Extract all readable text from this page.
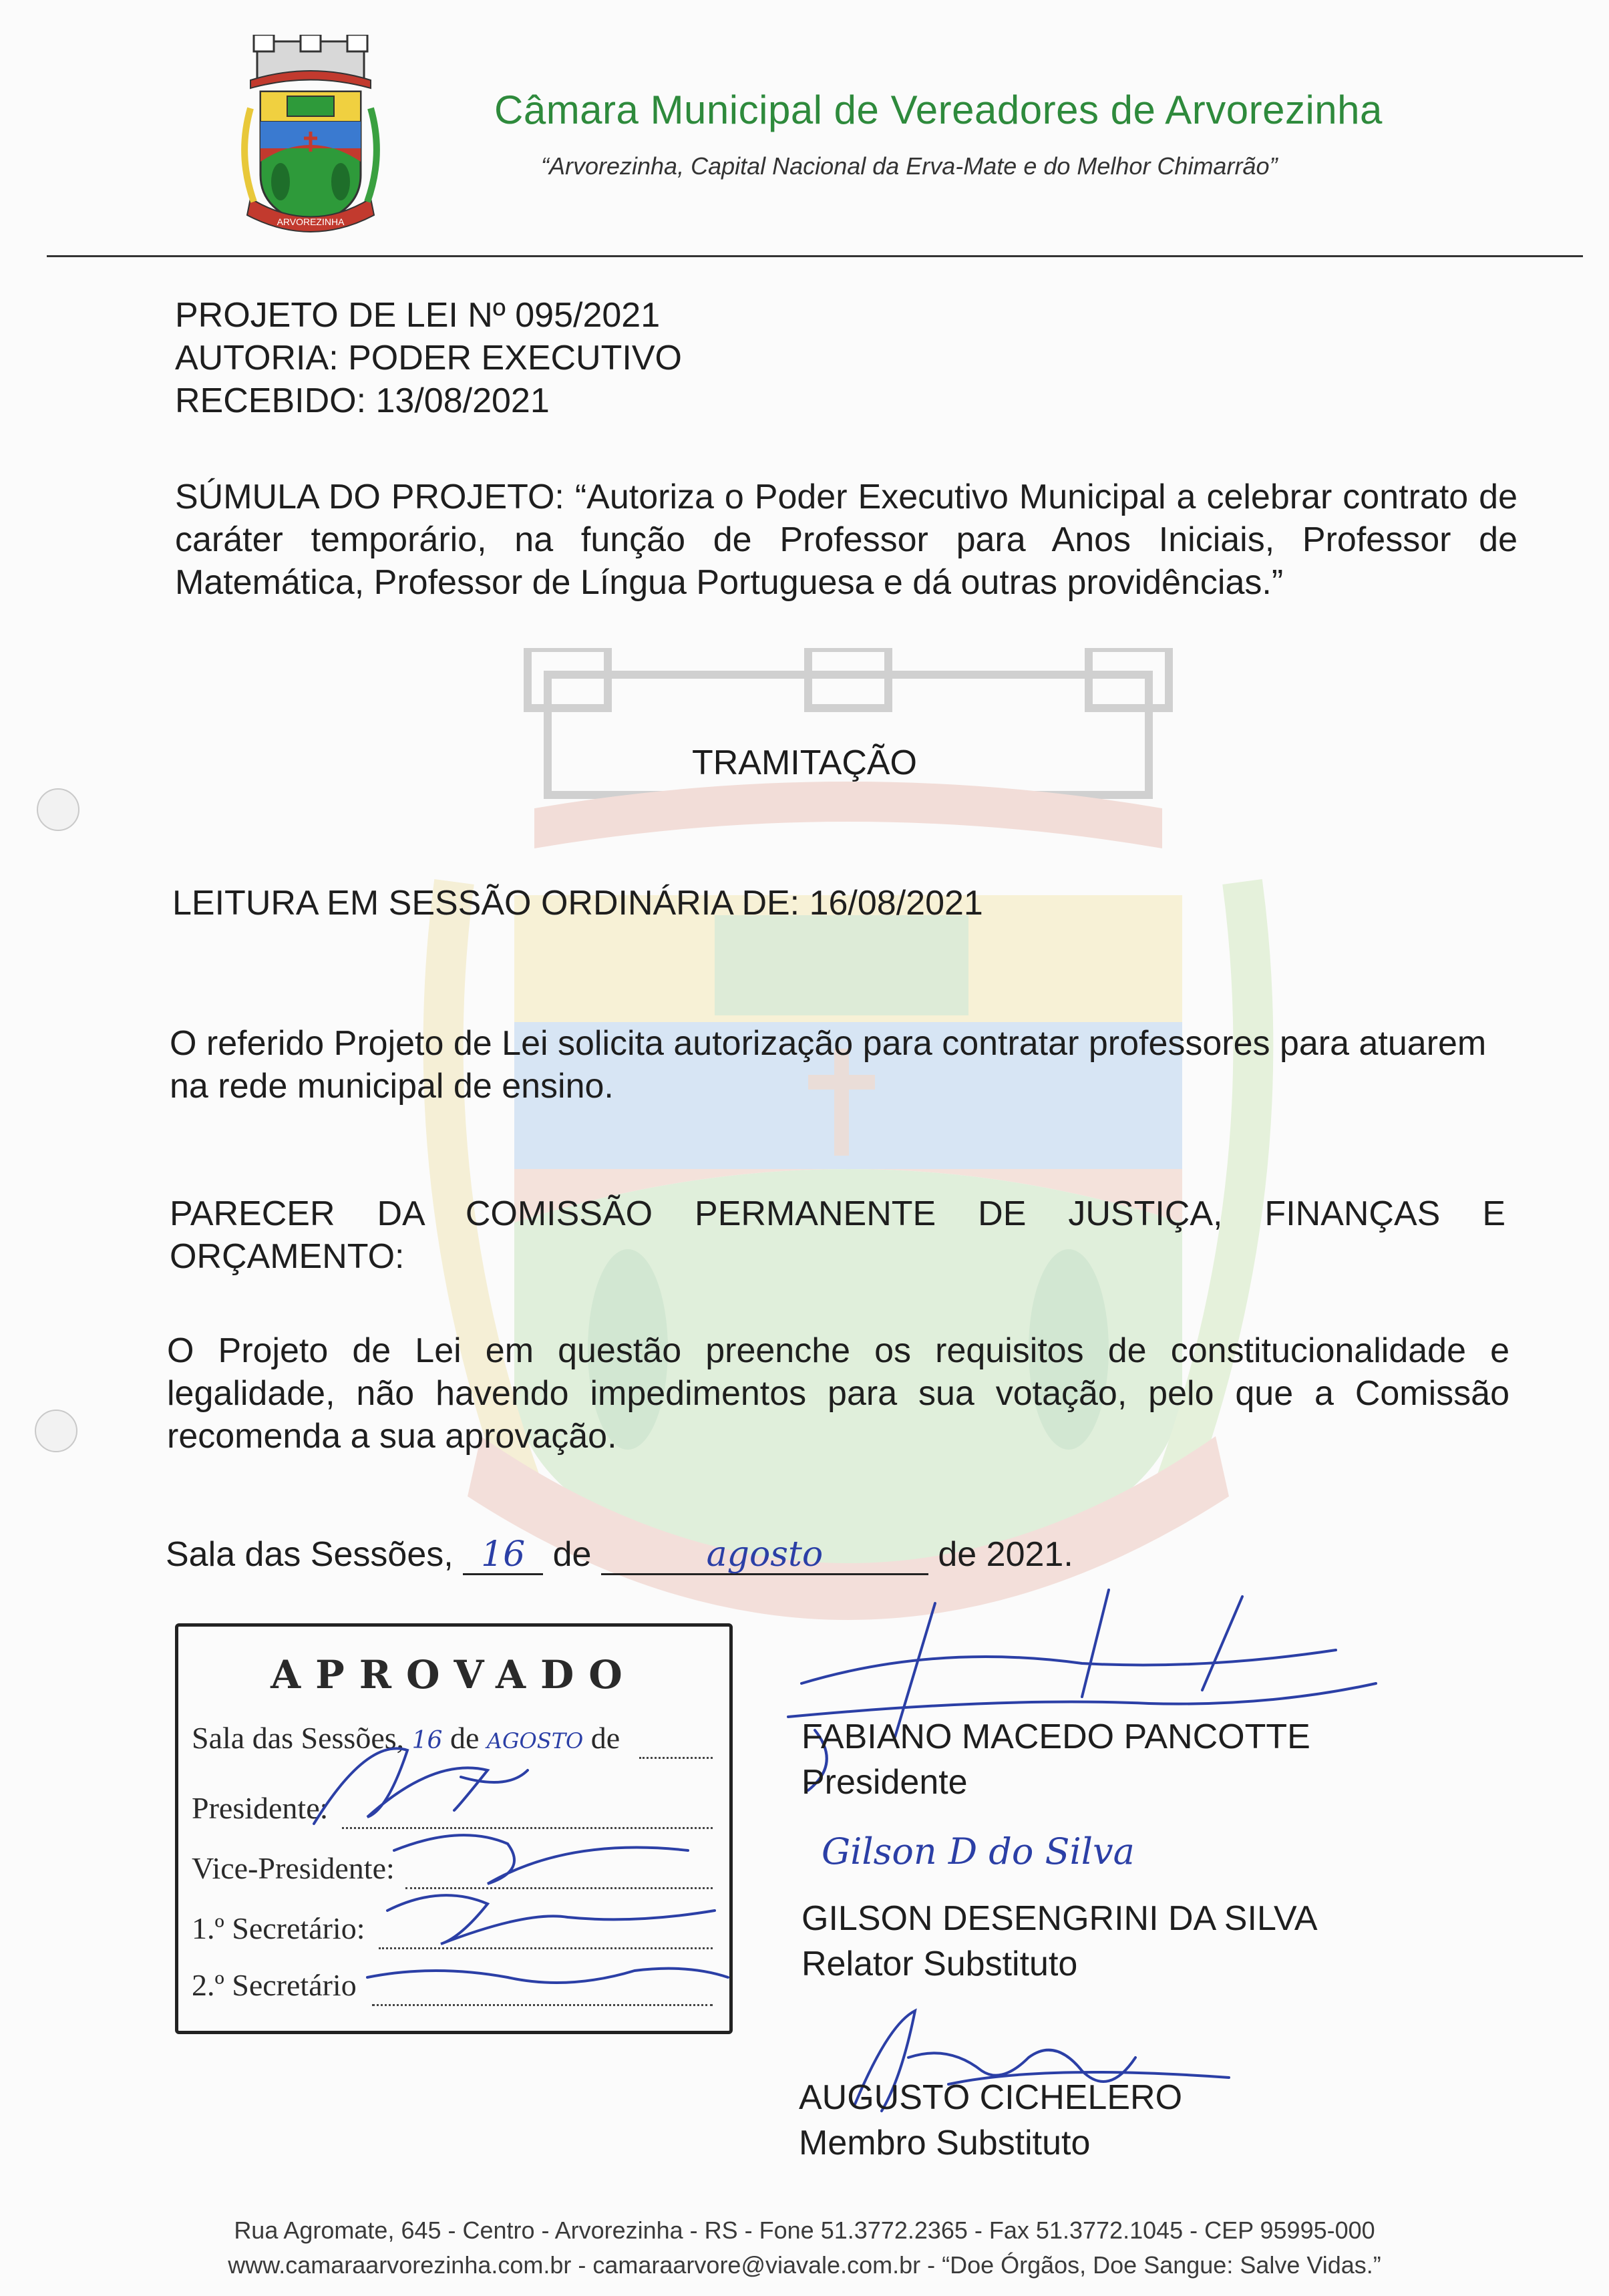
ARVOREZINHA
Câmara Municipal de Vereadores de Arvorezinha
“Arvorezinha, Capital Nacional da Erva-Mate e do Melhor Chimarrão”
PROJETO DE LEI Nº 095/2021
AUTORIA: PODER EXECUTIVO
RECEBIDO: 13/08/2021
SÚMULA DO PROJETO: “Autoriza o Poder Executivo Municipal a celebrar contrato de caráter temporário, na função de Professor para Anos Iniciais, Professor de Matemática, Professor de Língua Portuguesa e dá outras providências.”
TRAMITAÇÃO
LEITURA EM SESSÃO ORDINÁRIA DE: 16/08/2021
O referido Projeto de Lei solicita autorização para contratar professores para atuarem na rede municipal de ensino.
PARECER DA COMISSÃO PERMANENTE DE JUSTIÇA, FINANÇAS E ORÇAMENTO:
O Projeto de Lei em questão preenche os requisitos de constitucionalidade e legalidade, não havendo impedimentos para sua votação, pelo que a Comissão recomenda a sua aprovação.
Sala das Sessões, 16 de	agosto	de 2021.
APROVADO
Sala das Sessões, 16 de AGOSTO de
Presidente:
Vice-Presidente:
1.º Secretário:
2.º Secretário
FABIANO MACEDO PANCOTTE
Presidente
Gilson D do Silva
GILSON DESENGRINI DA SILVA
Relator Substituto
AUGUSTO CICHELERO
Membro Substituto
Rua Agromate, 645 - Centro - Arvorezinha - RS - Fone 51.3772.2365 - Fax 51.3772.1045 - CEP 95995-000
www.camaraarvorezinha.com.br - camaraarvore@viavale.com.br - “Doe Órgãos, Doe Sangue: Salve Vidas.”
